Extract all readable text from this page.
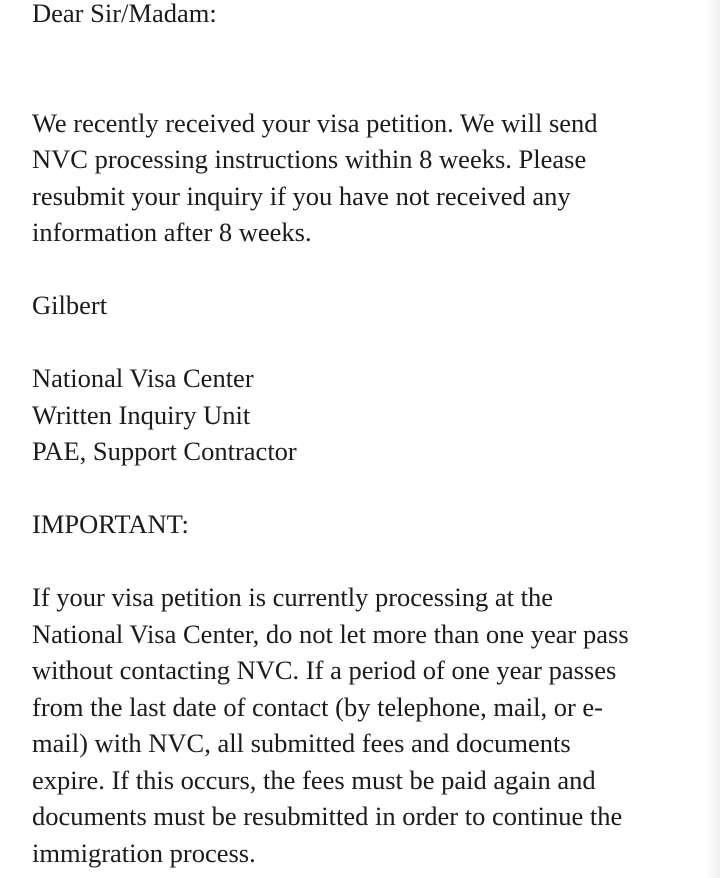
Dear Sir/Madam:

We recently received your visa petition. We will send
NVC processing instructions within 8 weeks. Please
resubmit your inquiry if you have not received any
information after 8 weeks.

Gilbert

National Visa Center
Written Inquiry Unit
PAE, Support Contractor

IMPORTANT:

If your visa petition is currently processing at the
National Visa Center, do not let more than one year pass
without contacting NVC. If a period of one year passes
from the last date of contact (by telephone, mail, or e-
mail) with NVC, all submitted fees and documents
expire. If this occurs, the fees must be paid again and
documents must be resubmitted in order to continue the
immigration process.
